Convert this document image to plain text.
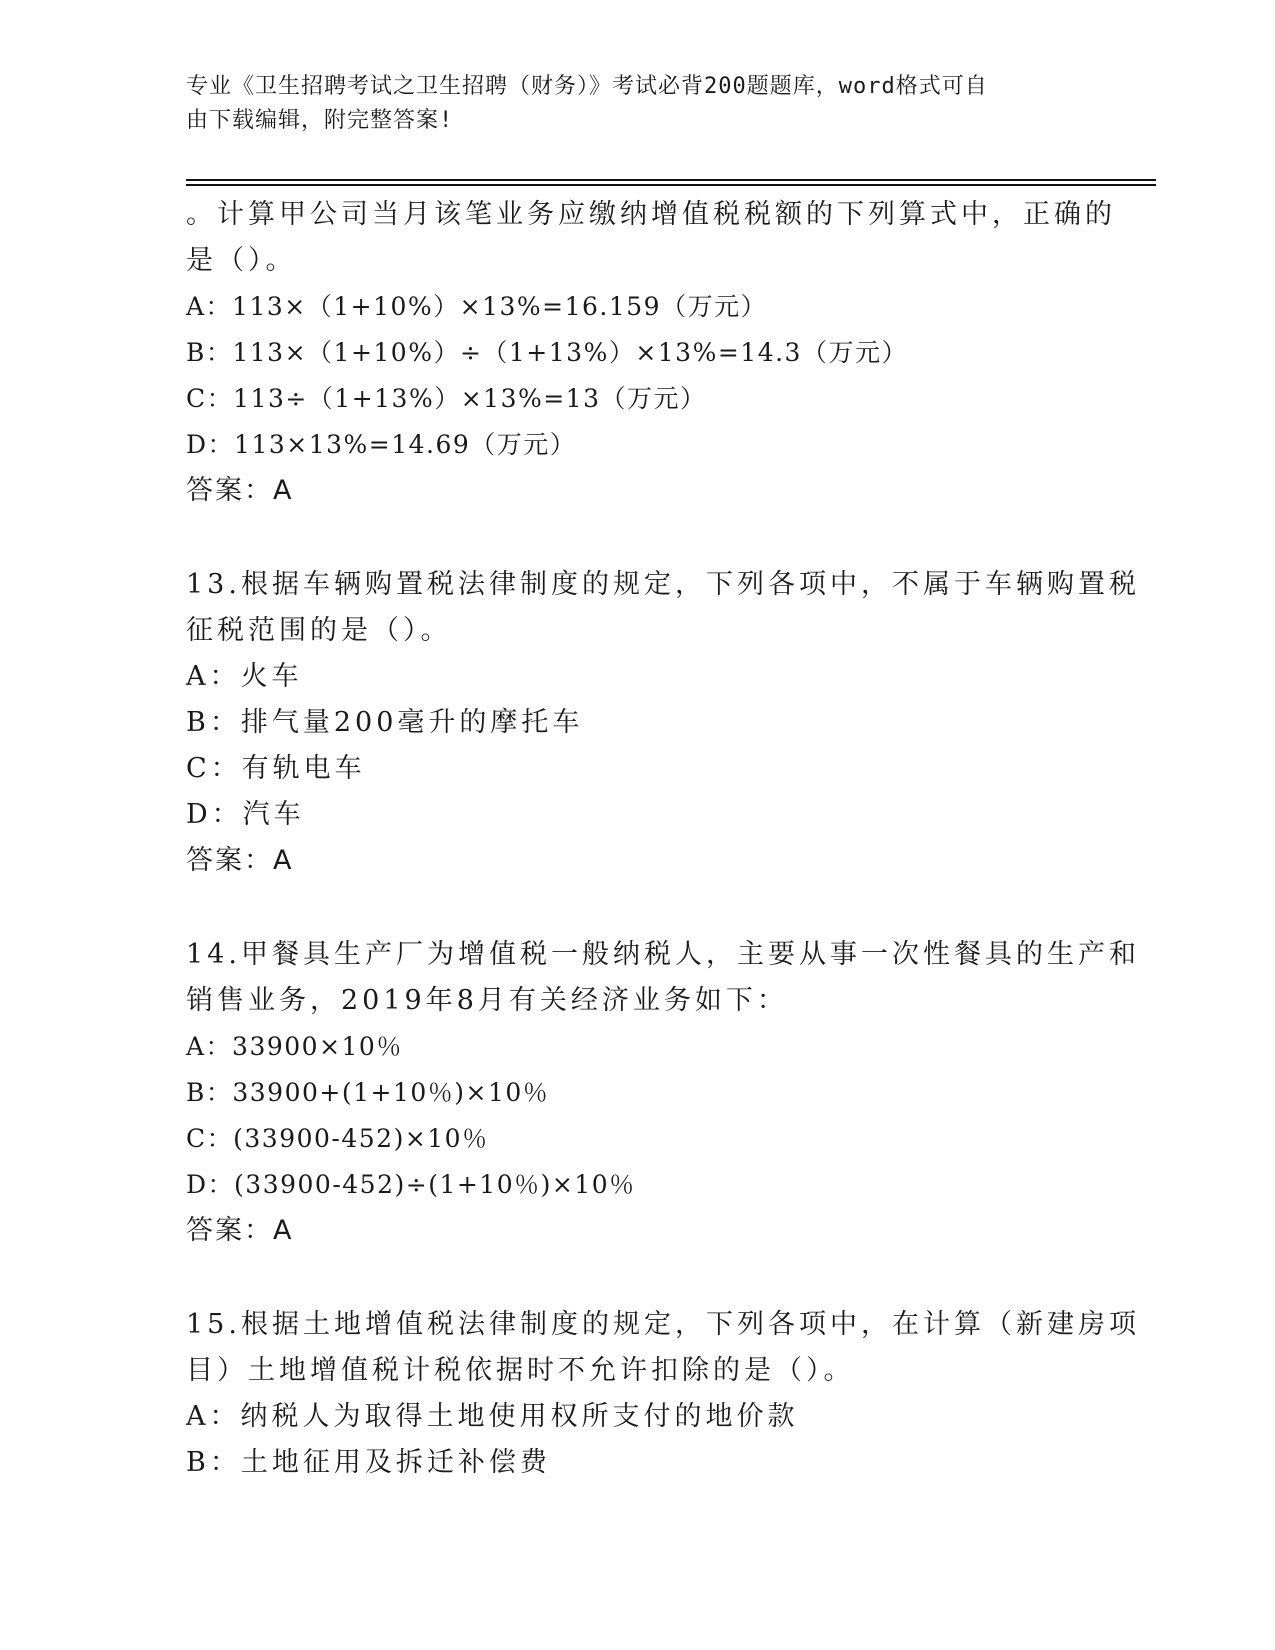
专业《卫生招聘考试之卫生招聘（财务）》考试必背200题题库，word格式可自
由下载编辑，附完整答案!
。计算甲公司当月该笔业务应缴纳增值税税额的下列算式中，正确的
是（）。
A：113×（1+10%）×13%=16.159（万元）
B：113×（1+10%）÷（1+13%）×13%=14.3（万元）
C：113÷（1+13%）×13%=13（万元）
D：113×13%=14.69（万元）
答案：A
13.根据车辆购置税法律制度的规定，下列各项中，不属于车辆购置税
征税范围的是（）。
A：火车
B：排气量200毫升的摩托车
C：有轨电车
D：汽车
答案：A
14.甲餐具生产厂为增值税一般纳税人，主要从事一次性餐具的生产和
销售业务，2019年8月有关经济业务如下：
A：33900×10％
B：33900+(1+10％)×10％
C：(33900-452)×10％
D：(33900-452)÷(1+10％)×10％
答案：A
15.根据土地增值税法律制度的规定，下列各项中，在计算（新建房项
目）土地增值税计税依据时不允许扣除的是（）。
A：纳税人为取得土地使用权所支付的地价款
B：土地征用及拆迁补偿费
